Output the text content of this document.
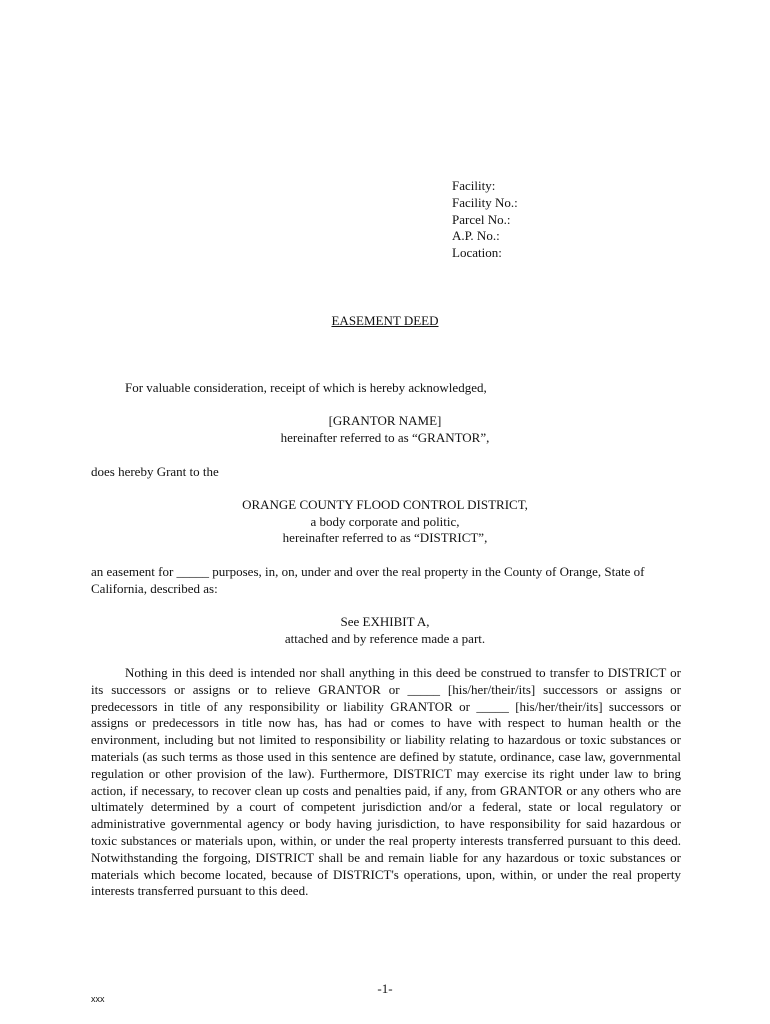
Facility:
Facility No.:
Parcel No.:
A.P. No.:
Location:
EASEMENT DEED
For valuable consideration, receipt of which is hereby acknowledged,
[GRANTOR NAME]
hereinafter referred to as “GRANTOR”,
does hereby Grant to the
ORANGE COUNTY FLOOD CONTROL DISTRICT,
a body corporate and politic,
hereinafter referred to as “DISTRICT”,
an easement for _____ purposes, in, on, under and over the real property in the County of Orange, State of California, described as:
See EXHIBIT A,
attached and by reference made a part.
Nothing in this deed is intended nor shall anything in this deed be construed to transfer to DISTRICT or its successors or assigns or to relieve GRANTOR or _____ [his/her/their/its] successors or assigns or predecessors in title of any responsibility or liability GRANTOR or _____ [his/her/their/its] successors or assigns or predecessors in title now has, has had or comes to have with respect to human health or the environment, including but not limited to responsibility or liability relating to hazardous or toxic substances or materials (as such terms as those used in this sentence are defined by statute, ordinance, case law, governmental regulation or other provision of the law). Furthermore, DISTRICT may exercise its right under law to bring action, if necessary, to recover clean up costs and penalties paid, if any, from GRANTOR or any others who are ultimately determined by a court of competent jurisdiction and/or a federal, state or local regulatory or administrative governmental agency or body having jurisdiction, to have responsibility for said hazardous or toxic substances or materials upon, within, or under the real property interests transferred pursuant to this deed. Notwithstanding the forgoing, DISTRICT shall be and remain liable for any hazardous or toxic substances or materials which become located, because of DISTRICT's operations, upon, within, or under the real property interests transferred pursuant to this deed.
-1-
xxx
